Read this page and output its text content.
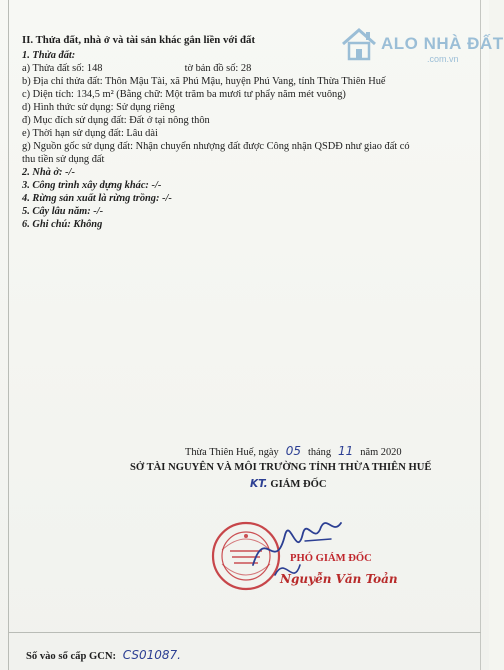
ALO NHÀ ĐẤT
.com.vn
II. Thửa đất, nhà ở và tài sản khác gắn liền với đất
1. Thửa đất:
a) Thửa đất số: 148	tờ bản đồ số: 28
b) Địa chỉ thửa đất: Thôn Mậu Tài, xã Phú Mậu, huyện Phú Vang, tỉnh Thừa Thiên Huế
c) Diện tích: 134,5 m² (Bằng chữ: Một trăm ba mươi tư phẩy năm mét vuông)
d) Hình thức sử dụng: Sử dụng riêng
đ) Mục đích sử dụng đất: Đất ở tại nông thôn
e) Thời hạn sử dụng đất: Lâu dài
g) Nguồn gốc sử dụng đất: Nhận chuyển nhượng đất được Công nhận QSDĐ như giao đất có
thu tiền sử dụng đất
2. Nhà ở: -/-
3. Công trình xây dựng khác: -/-
4. Rừng sản xuất là rừng trồng: -/-
5. Cây lâu năm: -/-
6. Ghi chú: Không
Thừa Thiên Huế, ngày 05 tháng 11 năm 2020
SỞ TÀI NGUYÊN VÀ MÔI TRƯỜNG TỈNH THỪA THIÊN HUẾ
KT. GIÁM ĐỐC
PHÓ GIÁM ĐỐC
Nguyễn Văn Toản
Số vào sổ cấp GCN: CS01087.
